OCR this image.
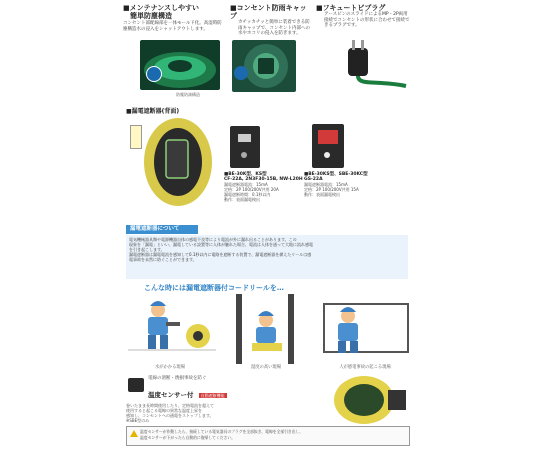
■メンテナンスしやすい
　簡単防塵構造
コンセント部配線部を一体モールド化。高湿時防塵構造水の浸入をシャットアウトします。
防塵防滴構造
■コンセント防雨キャップ
カチッカチッと簡単に装着できる防雨キャップで、コンセント内部への水やホコリの侵入を防ぎます。
■フキュートビプラグ
アースピンのスライドによるMP・2P両用接続でコンセントの形状に合わせて接続できるプラグです。
■漏電遮断器(背面)
■BE-30K型、KS型
CF-22A, 2N3F30-15B, NW-L20H
漏電遮断器電流：15mA
定格：2P 100/200V共用 20A
漏電遮断時間：0.1秒以内
動作：表面漏電検出
■BE-30KS型、SBE-30KC型
GS-22A
漏電遮断器電流：15mA
定格：2P 100/200V共用 15A
動作：表面漏電検出
漏電遮断器について
電気機械器具類や電源機器自体の感電不良等により電流が外に漏れ出ることがあります。この
現象を「漏電」といい、漏電している設置等に人体が触れた場合、電流は人体を通って大地に流れ感電
を引き起こします。
漏電遮断器は漏電電流を感知して0.1秒以内に電路を遮断する装置で、漏電遮断器を備えたリールは感
電事故を未然に防ぐことができます。
こんな時には漏電遮断器付コードリールを…
水がかかる現場	湿度の高い現場	人が感電事故の起こる現場
電線の溶断・焼損事故を防ぐ
温度センサー付 自動遮断機能
巻いたまま長時間使用したり、定格電流を超えて
使用すると起こる電線の異常な温度上昇を
感知し、コンセントへの通電をストップします。
※SBE型のみ
温度センサーが作動したら、接続している電気器具のプラグを全部抜き、電線を全部引き出し、
温度センサーが下がったら自動的に復帰してください。
